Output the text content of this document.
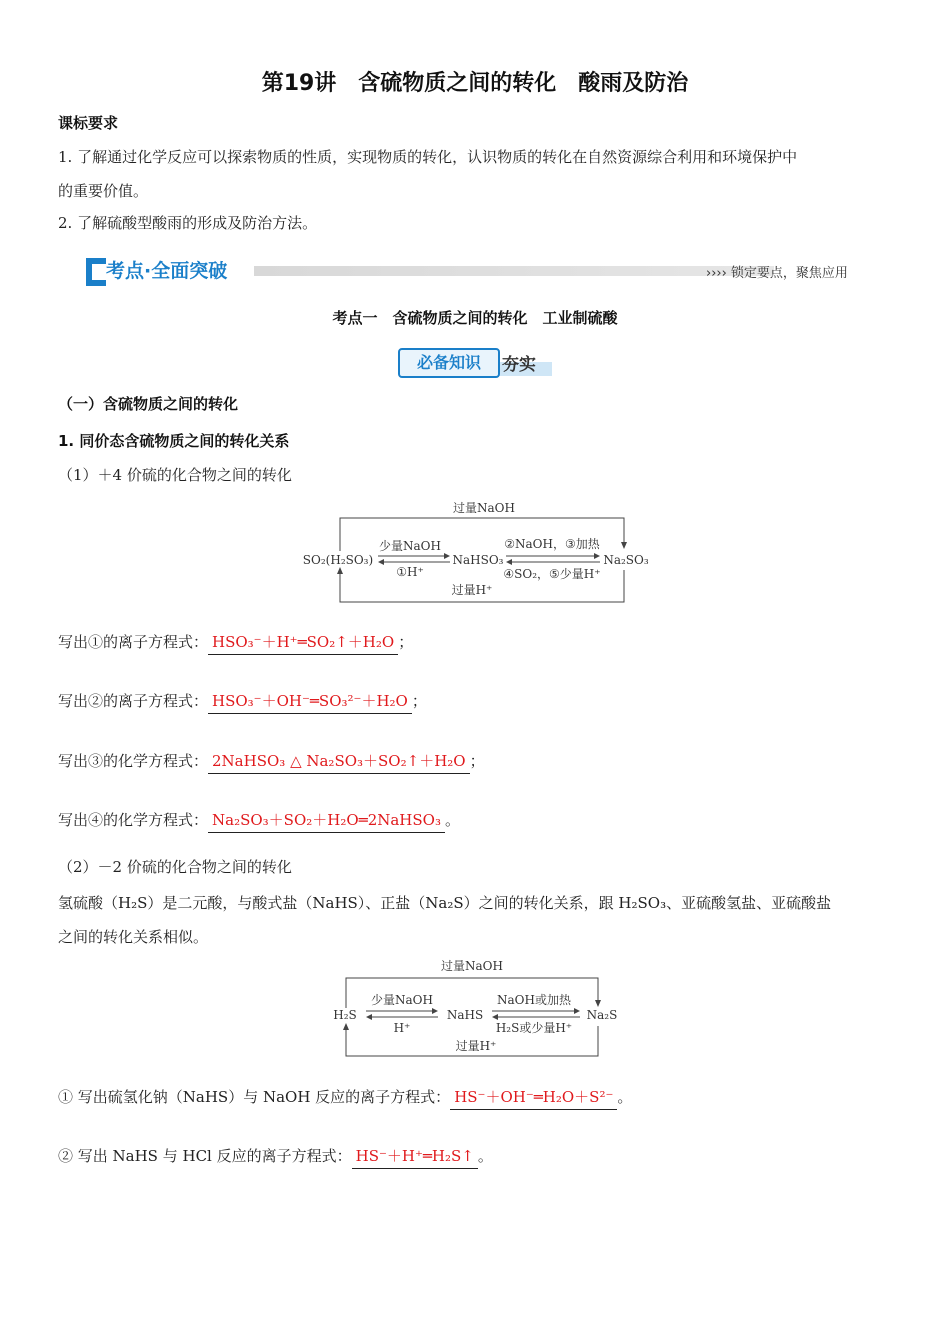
第19讲　含硫物质之间的转化　酸雨及防治
课标要求
1. 了解通过化学反应可以探索物质的性质，实现物质的转化，认识物质的转化在自然资源综合利用和环境保护中
的重要价值。
2. 了解硫酸型酸雨的形成及防治方法。
考点·全面突破	›››› 锁定要点，聚焦应用
考点一　含硫物质之间的转化　工业制硫酸
必备知识	夯实
（一）含硫物质之间的转化
1. 同价态含硫物质之间的转化关系
（1）＋4 价硫的化合物之间的转化
过量NaOH
SO₂(H₂SO₃)	NaHSO₃	Na₂SO₃
少量NaOH
①H⁺
②NaOH，③加热
④SO₂，⑤少量H⁺
过量H⁺
写出①的离子方程式： HSO₃⁻＋H⁺═SO₂↑＋H₂O ；
写出②的离子方程式： HSO₃⁻＋OH⁻═SO₃²⁻＋H₂O ；
写出③的化学方程式： 2NaHSO₃ △ Na₂SO₃＋SO₂↑＋H₂O ；
写出④的化学方程式： Na₂SO₃＋SO₂＋H₂O═2NaHSO₃ 。
（2）－2 价硫的化合物之间的转化
氢硫酸（H₂S）是二元酸，与酸式盐（NaHS）、正盐（Na₂S）之间的转化关系，跟 H₂SO₃、亚硫酸氢盐、亚硫酸盐
之间的转化关系相似。
过量NaOH
H₂S	NaHS	Na₂S
少量NaOH
H⁺
NaOH或加热
H₂S或少量H⁺
过量H⁺
① 写出硫氢化钠（NaHS）与 NaOH 反应的离子方程式： HS⁻＋OH⁻═H₂O＋S²⁻ 。
② 写出 NaHS 与 HCl 反应的离子方程式： HS⁻＋H⁺═H₂S↑ 。
